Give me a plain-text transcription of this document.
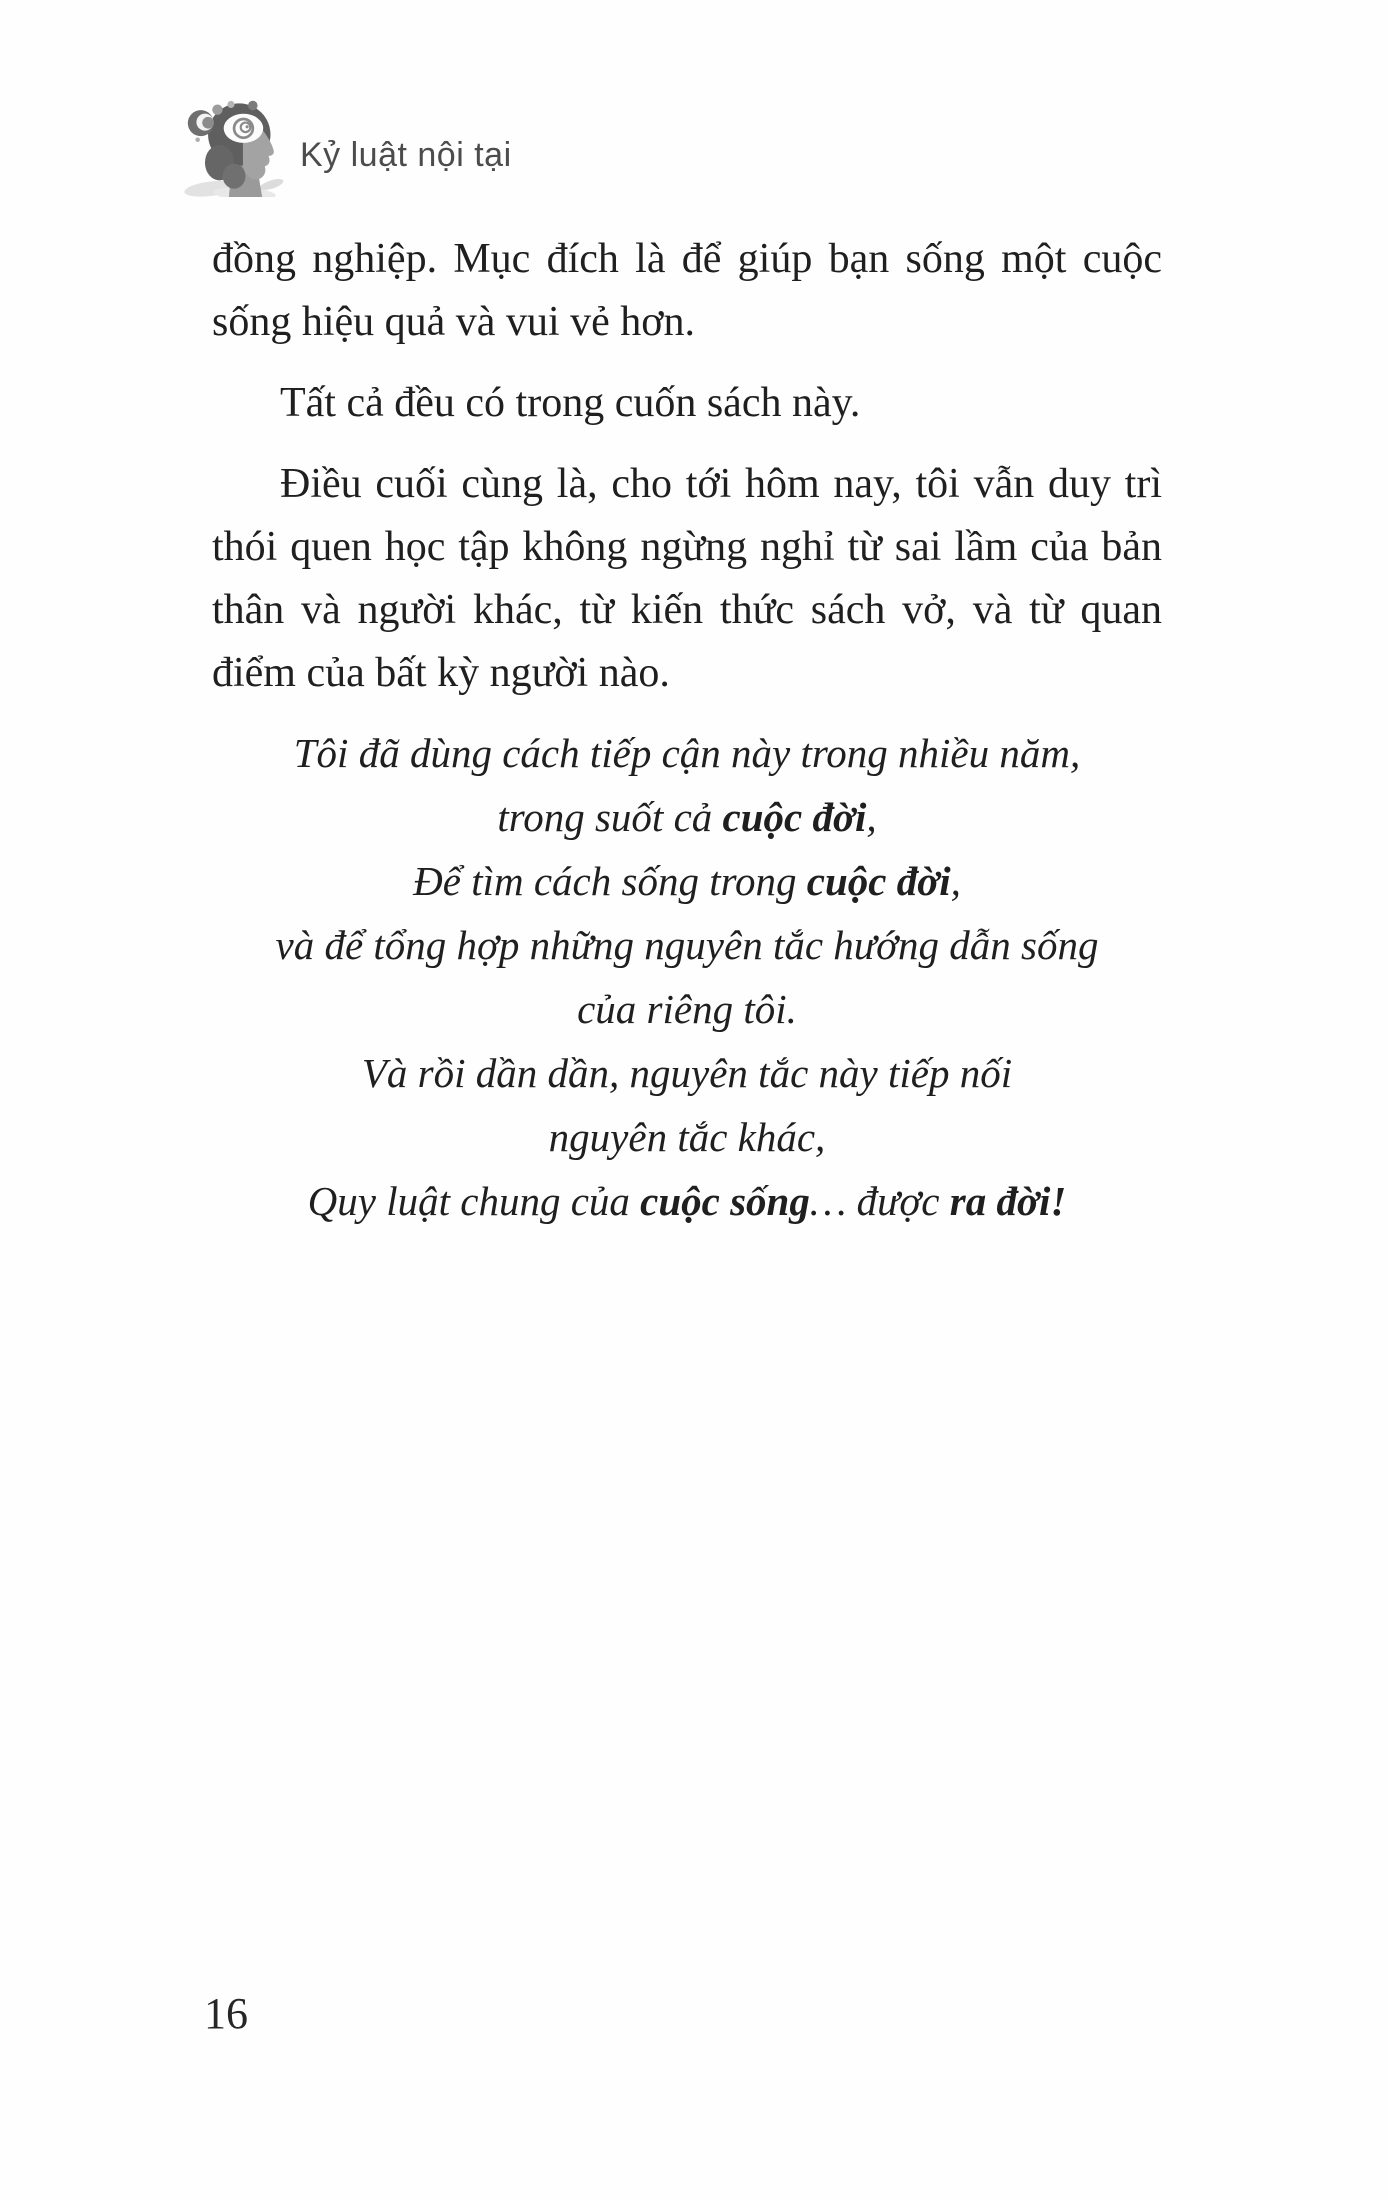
Kỷ luật nội tại

đồng nghiệp. Mục đích là để giúp bạn sống một cuộc sống hiệu quả và vui vẻ hơn.

Tất cả đều có trong cuốn sách này.

Điều cuối cùng là, cho tới hôm nay, tôi vẫn duy trì thói quen học tập không ngừng nghỉ từ sai lầm của bản thân và người khác, từ kiến thức sách vở, và từ quan điểm của bất kỳ người nào.

Tôi đã dùng cách tiếp cận này trong nhiều năm,
trong suốt cả cuộc đời,
Để tìm cách sống trong cuộc đời,
và để tổng hợp những nguyên tắc hướng dẫn sống
của riêng tôi.
Và rồi dần dần, nguyên tắc này tiếp nối
nguyên tắc khác,
Quy luật chung của cuộc sống… được ra đời!
16
